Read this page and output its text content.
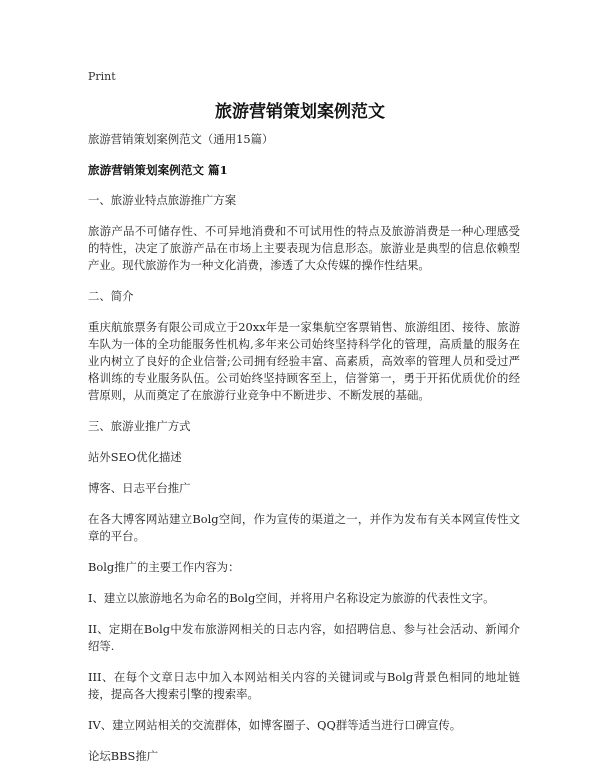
Print
旅游营销策划案例范文

旅游营销策划案例范文（通用15篇）

旅游营销策划案例范文 篇1

一、旅游业特点旅游推广方案

旅游产品不可储存性、不可异地消费和不可试用性的特点及旅游消费是一种心理感受的特性，决定了旅游产品在市场上主要表现为信息形态。旅游业是典型的信息依赖型产业。现代旅游作为一种文化消费，渗透了大众传媒的操作性结果。

二、简介

重庆航旅票务有限公司成立于20xx年是一家集航空客票销售、旅游组团、接待、旅游车队为一体的全功能服务性机构,多年来公司始终坚持科学化的管理，高质量的服务在业内树立了良好的企业信誉;公司拥有经验丰富、高素质，高效率的管理人员和受过严格训练的专业服务队伍。公司始终坚持顾客至上，信誉第一，勇于开拓优质优价的经营原则，从而奠定了在旅游行业竞争中不断进步、不断发展的基础。

三、旅游业推广方式

站外SEO优化描述

博客、日志平台推广

在各大博客网站建立Bolg空间，作为宣传的渠道之一，并作为发布有关本网宣传性文章的平台。

Bolg推广的主要工作内容为：

I、建立以旅游地名为命名的Bolg空间，并将用户名称设定为旅游的代表性文字。

II、定期在Bolg中发布旅游网相关的日志内容，如招聘信息、参与社会活动、新闻介绍等.

III、在每个文章日志中加入本网站相关内容的关键词或与Bolg背景色相同的地址链接，提高各大搜索引擎的搜索率。

IV、建立网站相关的交流群体，如博客圈子、QQ群等适当进行口碑宣传。

论坛BBS推广
